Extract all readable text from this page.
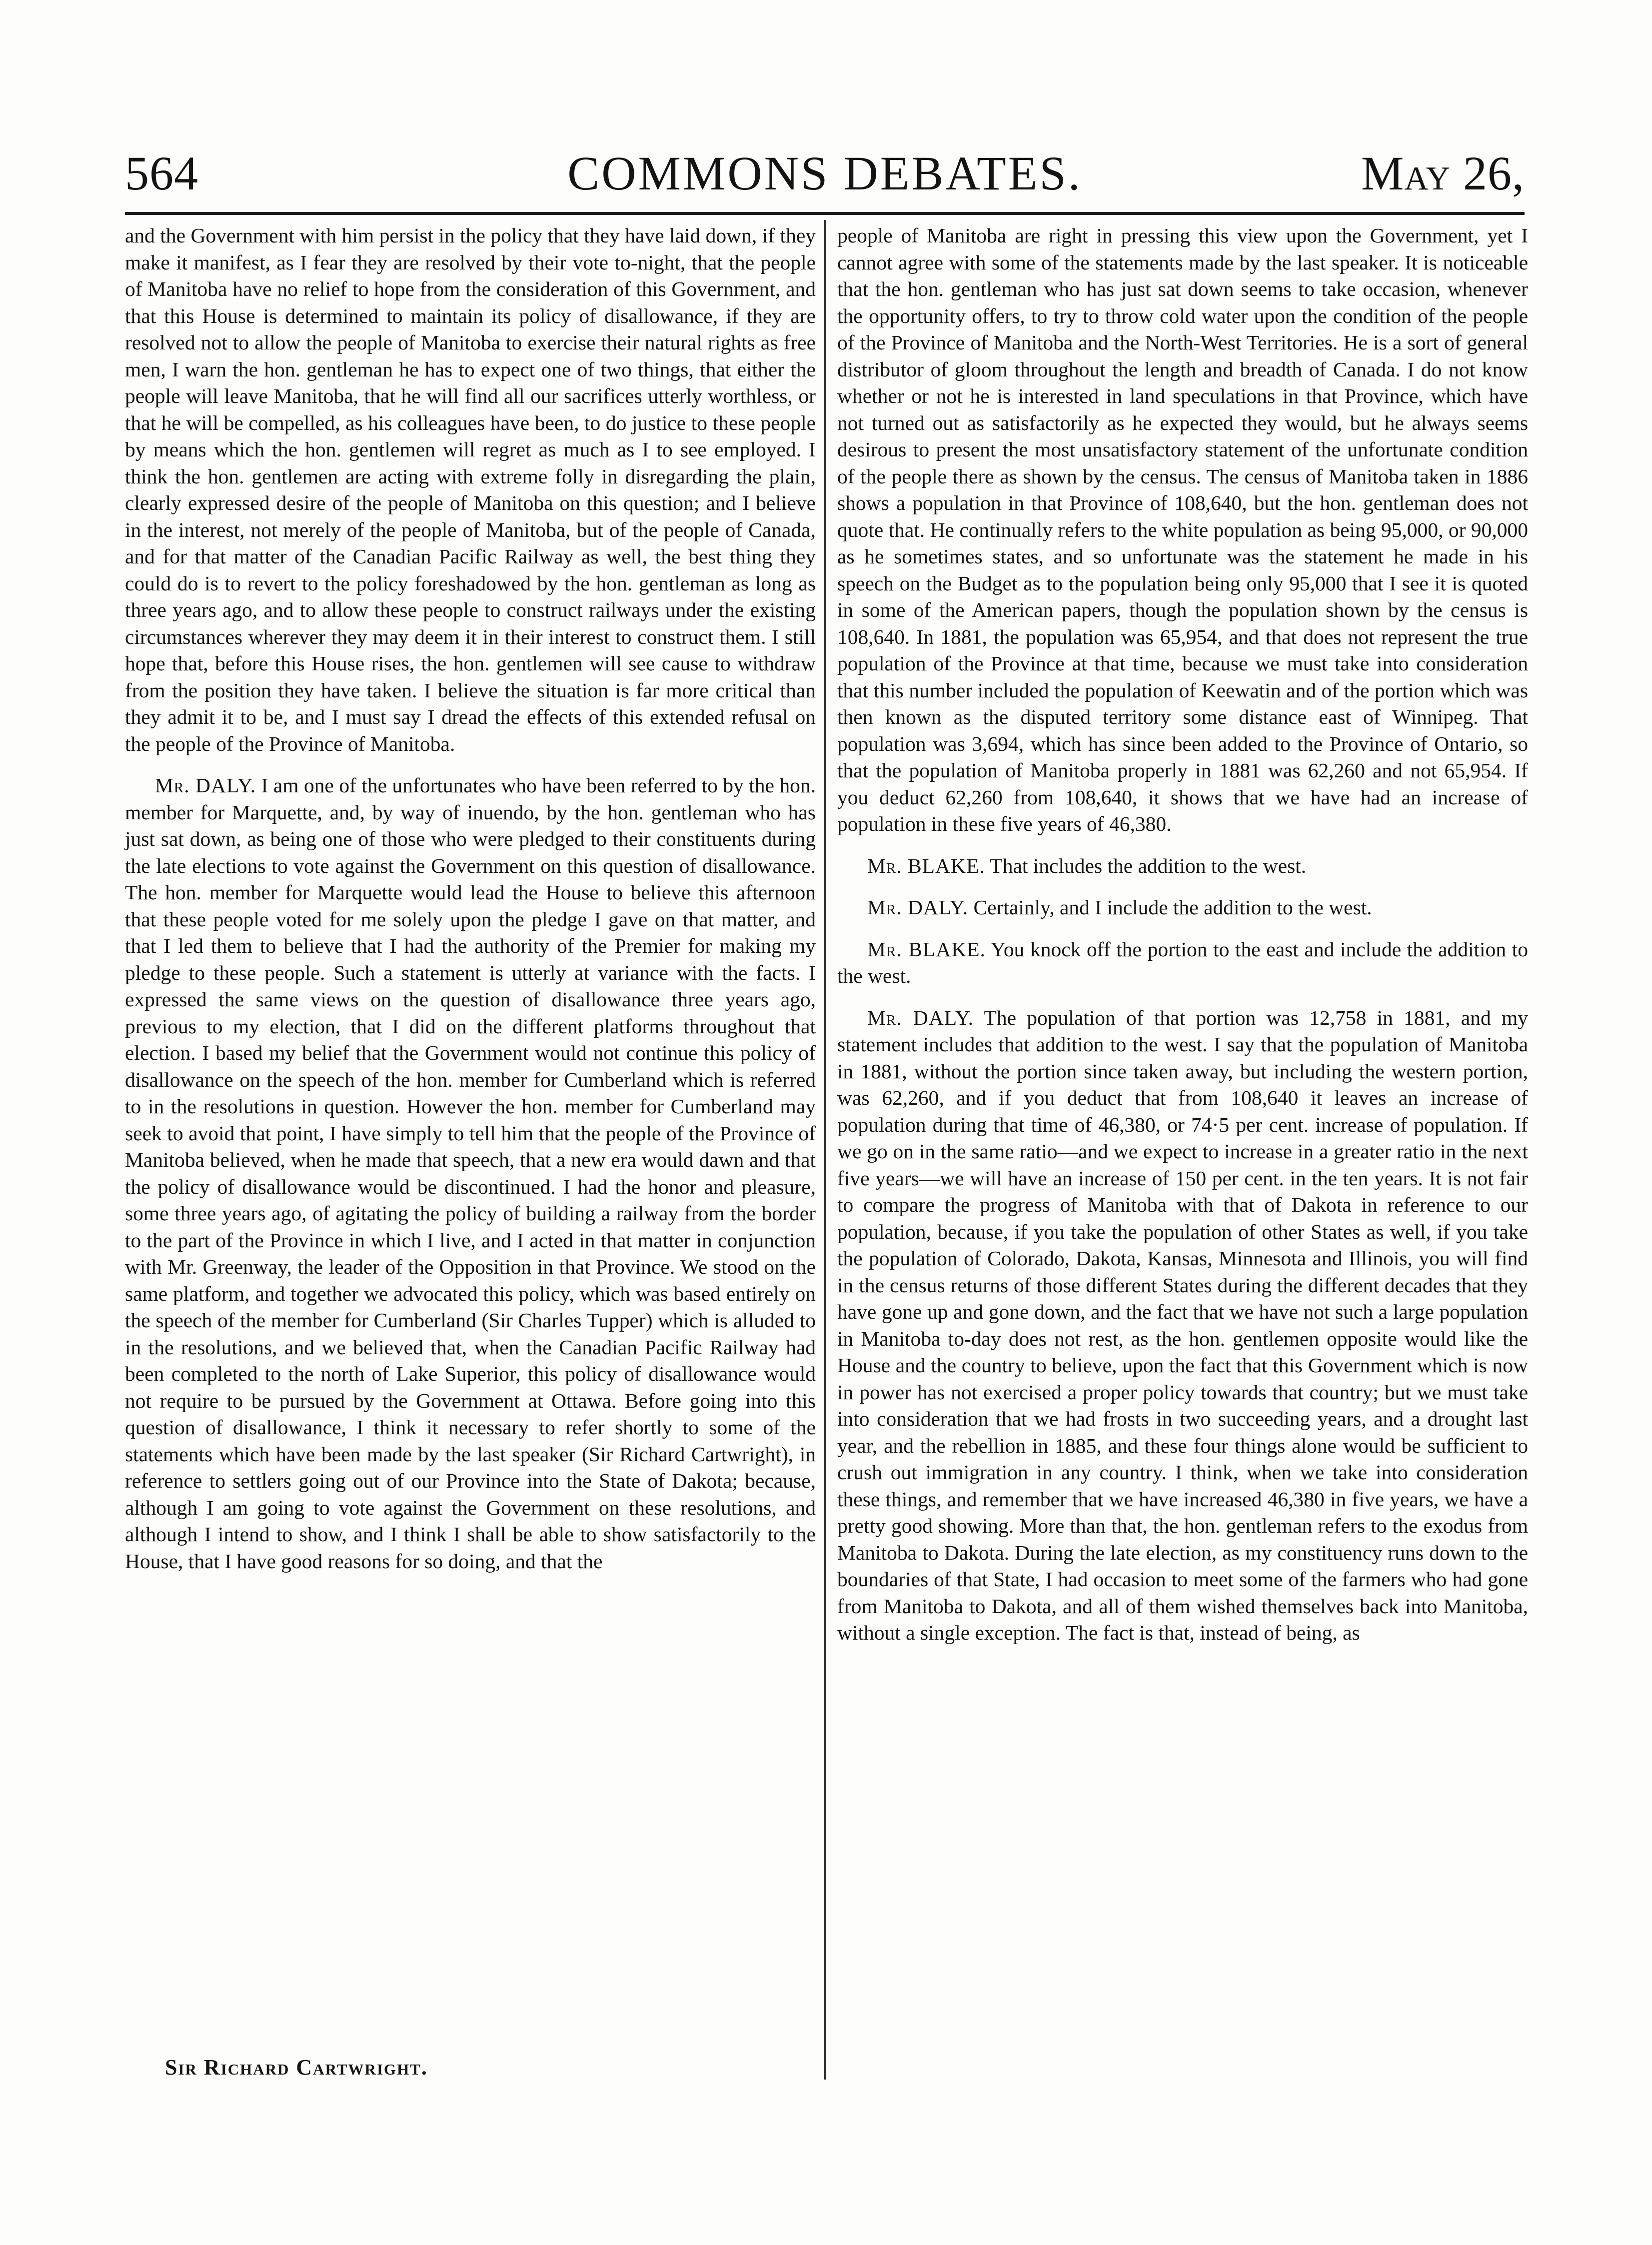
564	COMMONS DEBATES.	May 26,

and the Government with him persist in the policy that they have laid down, if they make it manifest, as I fear they are resolved by their vote to-night, that the people of Manitoba have no relief to hope from the consideration of this Government, and that this House is determined to maintain its policy of disallowance, if they are resolved not to allow the people of Manitoba to exercise their natural rights as free men, I warn the hon. gentleman he has to expect one of two things, that either the people will leave Manitoba, that he will find all our sacrifices utterly worthless, or that he will be compelled, as his colleagues have been, to do justice to these people by means which the hon. gentlemen will regret as much as I to see employed. I think the hon. gentlemen are acting with extreme folly in disregarding the plain, clearly expressed desire of the people of Manitoba on this question; and I believe in the interest, not merely of the people of Manitoba, but of the people of Canada, and for that matter of the Canadian Pacific Railway as well, the best thing they could do is to revert to the policy foreshadowed by the hon. gentleman as long as three years ago, and to allow these people to construct railways under the existing circumstances wherever they may deem it in their interest to construct them. I still hope that, before this House rises, the hon. gentlemen will see cause to withdraw from the position they have taken. I believe the situation is far more critical than they admit it to be, and I must say I dread the effects of this extended refusal on the people of the Province of Manitoba.

Mr. DALY. I am one of the unfortunates who have been referred to by the hon. member for Marquette, and, by way of inuendo, by the hon. gentleman who has just sat down, as being one of those who were pledged to their constituents during the late elections to vote against the Government on this question of disallowance. The hon. member for Marquette would lead the House to believe this afternoon that these people voted for me solely upon the pledge I gave on that matter, and that I led them to believe that I had the authority of the Premier for making my pledge to these people. Such a statement is utterly at variance with the facts. I expressed the same views on the question of disallowance three years ago, previous to my election, that I did on the different platforms throughout that election. I based my belief that the Government would not continue this policy of disallowance on the speech of the hon. member for Cumberland which is referred to in the resolutions in question. However the hon. member for Cumberland may seek to avoid that point, I have simply to tell him that the people of the Province of Manitoba believed, when he made that speech, that a new era would dawn and that the policy of disallowance would be discontinued. I had the honor and pleasure, some three years ago, of agitating the policy of building a railway from the border to the part of the Province in which I live, and I acted in that matter in conjunction with Mr. Greenway, the leader of the Opposition in that Province. We stood on the same platform, and together we advocated this policy, which was based entirely on the speech of the member for Cumberland (Sir Charles Tupper) which is alluded to in the resolutions, and we believed that, when the Canadian Pacific Railway had been completed to the north of Lake Superior, this policy of disallowance would not require to be pursued by the Government at Ottawa. Before going into this question of disallowance, I think it necessary to refer shortly to some of the statements which have been made by the last speaker (Sir Richard Cartwright), in reference to settlers going out of our Province into the State of Dakota; because, although I am going to vote against the Government on these resolutions, and although I intend to show, and I think I shall be able to show satisfactorily to the House, that I have good reasons for so doing, and that the

people of Manitoba are right in pressing this view upon the Government, yet I cannot agree with some of the statements made by the last speaker. It is noticeable that the hon. gentleman who has just sat down seems to take occasion, whenever the opportunity offers, to try to throw cold water upon the condition of the people of the Province of Manitoba and the North-West Territories. He is a sort of general distributor of gloom throughout the length and breadth of Canada. I do not know whether or not he is interested in land speculations in that Province, which have not turned out as satisfactorily as he expected they would, but he always seems desirous to present the most unsatisfactory statement of the unfortunate condition of the people there as shown by the census. The census of Manitoba taken in 1886 shows a population in that Province of 108,640, but the hon. gentleman does not quote that. He continually refers to the white population as being 95,000, or 90,000 as he sometimes states, and so unfortunate was the statement he made in his speech on the Budget as to the population being only 95,000 that I see it is quoted in some of the American papers, though the population shown by the census is 108,640. In 1881, the population was 65,954, and that does not represent the true population of the Province at that time, because we must take into consideration that this number included the population of Keewatin and of the portion which was then known as the disputed territory some distance east of Winnipeg. That population was 3,694, which has since been added to the Province of Ontario, so that the population of Manitoba properly in 1881 was 62,260 and not 65,954. If you deduct 62,260 from 108,640, it shows that we have had an increase of population in these five years of 46,380.

Mr. BLAKE. That includes the addition to the west.

Mr. DALY. Certainly, and I include the addition to the west.

Mr. BLAKE. You knock off the portion to the east and include the addition to the west.

Mr. DALY. The population of that portion was 12,758 in 1881, and my statement includes that addition to the west. I say that the population of Manitoba in 1881, without the portion since taken away, but including the western portion, was 62,260, and if you deduct that from 108,640 it leaves an increase of population during that time of 46,380, or 74·5 per cent. increase of population. If we go on in the same ratio—and we expect to increase in a greater ratio in the next five years—we will have an increase of 150 per cent. in the ten years. It is not fair to compare the progress of Manitoba with that of Dakota in reference to our population, because, if you take the population of other States as well, if you take the population of Colorado, Dakota, Kansas, Minnesota and Illinois, you will find in the census returns of those different States during the different decades that they have gone up and gone down, and the fact that we have not such a large population in Manitoba to-day does not rest, as the hon. gentlemen opposite would like the House and the country to believe, upon the fact that this Government which is now in power has not exercised a proper policy towards that country; but we must take into consideration that we had frosts in two succeeding years, and a drought last year, and the rebellion in 1885, and these four things alone would be sufficient to crush out immigration in any country. I think, when we take into consideration these things, and remember that we have increased 46,380 in five years, we have a pretty good showing. More than that, the hon. gentleman refers to the exodus from Manitoba to Dakota. During the late election, as my constituency runs down to the boundaries of that State, I had occasion to meet some of the farmers who had gone from Manitoba to Dakota, and all of them wished themselves back into Manitoba, without a single exception. The fact is that, instead of being, as

Sir Richard Cartwright.
